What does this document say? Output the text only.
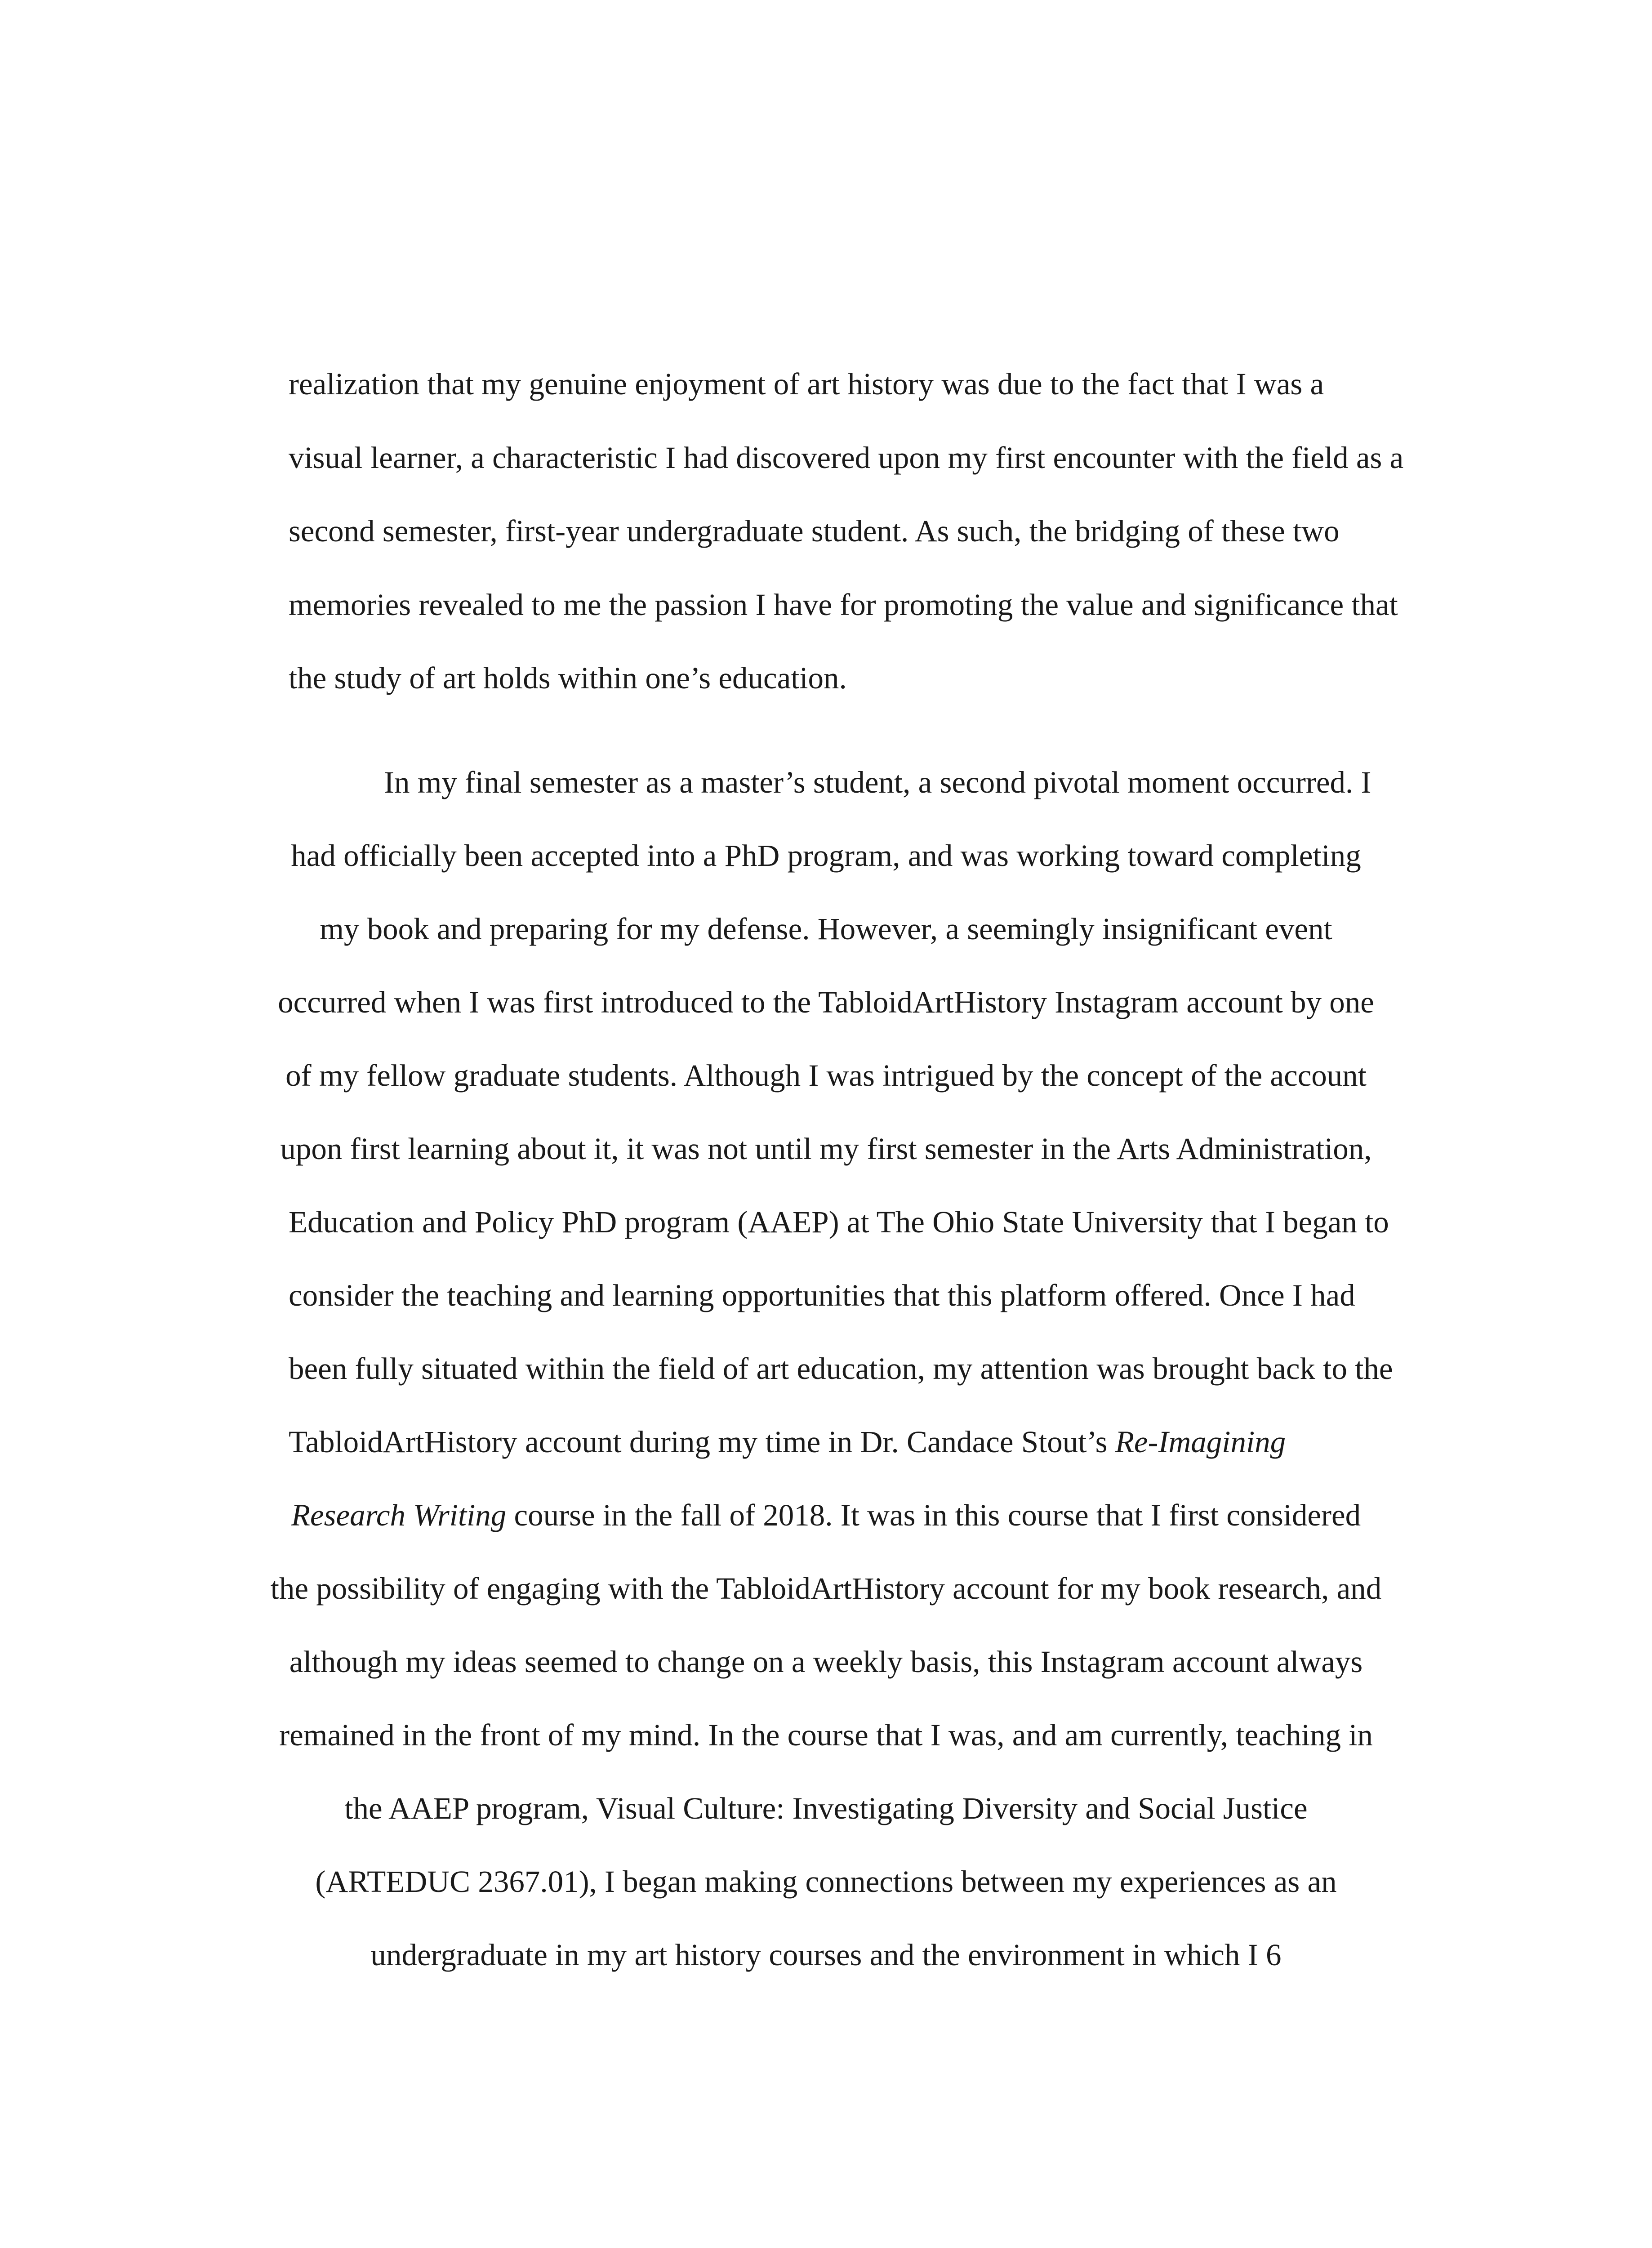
realization that my genuine enjoyment of art history was due to the fact that I was a
visual learner, a characteristic I had discovered upon my first encounter with the field as a
second semester, first-year undergraduate student. As such, the bridging of these two
memories revealed to me the passion I have for promoting the value and significance that
the study of art holds within one’s education.
In my final semester as a master’s student, a second pivotal moment occurred. I
had officially been accepted into a PhD program, and was working toward completing
my book and preparing for my defense. However, a seemingly insignificant event
occurred when I was first introduced to the TabloidArtHistory Instagram account by one
of my fellow graduate students. Although I was intrigued by the concept of the account
upon first learning about it, it was not until my first semester in the Arts Administration,
Education and Policy PhD program (AAEP) at The Ohio State University that I began to
consider the teaching and learning opportunities that this platform offered. Once I had
been fully situated within the field of art education, my attention was brought back to the
TabloidArtHistory account during my time in Dr. Candace Stout’s Re-Imagining
Research Writing course in the fall of 2018. It was in this course that I first considered
the possibility of engaging with the TabloidArtHistory account for my book research, and
although my ideas seemed to change on a weekly basis, this Instagram account always
remained in the front of my mind. In the course that I was, and am currently, teaching in
the AAEP program, Visual Culture: Investigating Diversity and Social Justice
(ARTEDUC 2367.01), I began making connections between my experiences as an
undergraduate in my art history courses and the environment in which I 6
